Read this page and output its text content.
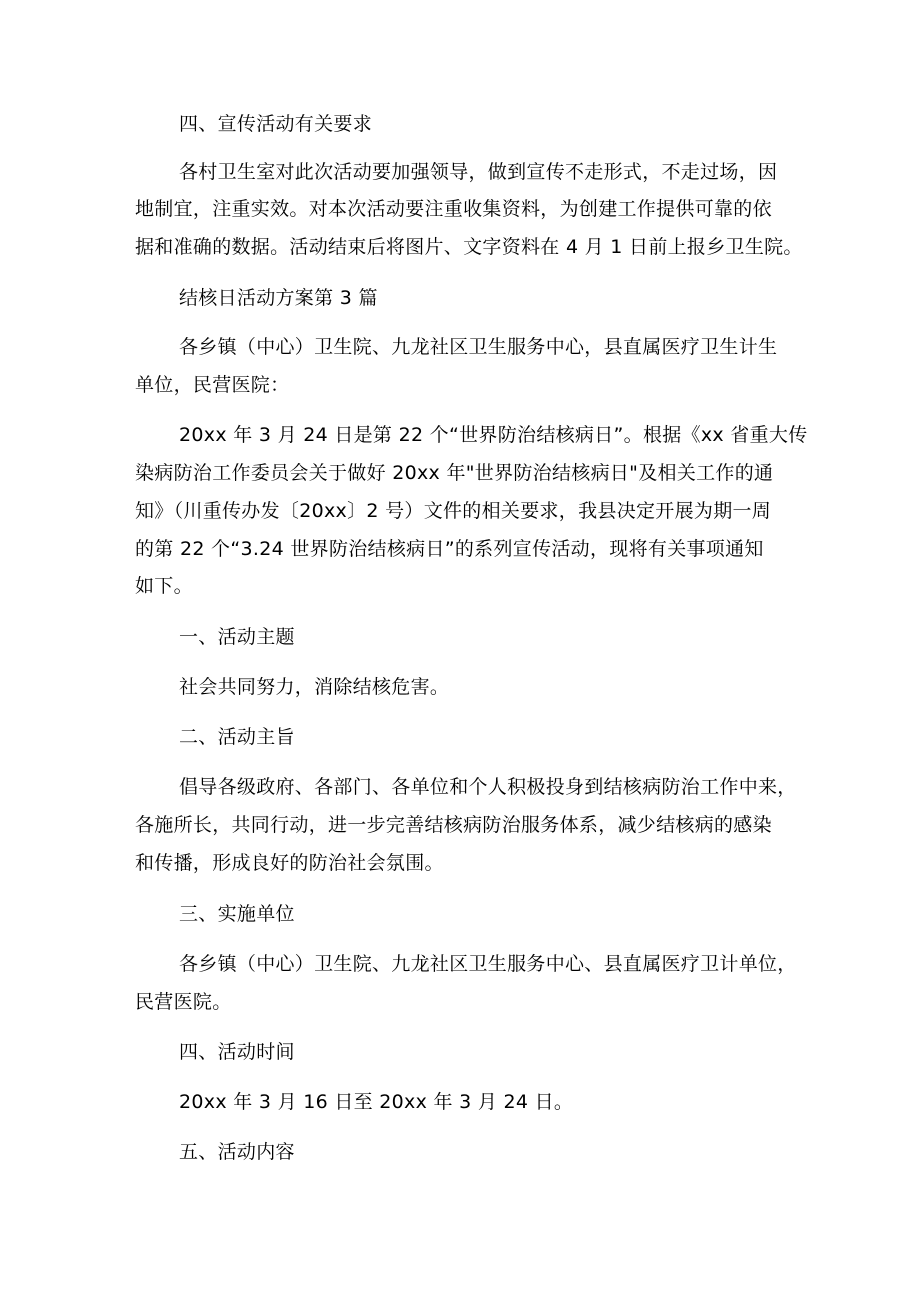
四、宣传活动有关要求
各村卫生室对此次活动要加强领导，做到宣传不走形式，不走过场，因
地制宜，注重实效。对本次活动要注重收集资料，为创建工作提供可靠的依
据和准确的数据。活动结束后将图片、文字资料在 4 月 1 日前上报乡卫生院。
结核日活动方案第 3 篇
各乡镇（中心）卫生院、九龙社区卫生服务中心，县直属医疗卫生计生
单位，民营医院：
20xx 年 3 月 24 日是第 22 个“世界防治结核病日”。根据《xx 省重大传
染病防治工作委员会关于做好 20xx 年"世界防治结核病日"及相关工作的通
知》（川重传办发〔20xx〕2 号）文件的相关要求，我县决定开展为期一周
的第 22 个“3.24 世界防治结核病日”的系列宣传活动，现将有关事项通知
如下。
一、活动主题
社会共同努力，消除结核危害。
二、活动主旨
倡导各级政府、各部门、各单位和个人积极投身到结核病防治工作中来，
各施所长，共同行动，进一步完善结核病防治服务体系，减少结核病的感染
和传播，形成良好的防治社会氛围。
三、实施单位
各乡镇（中心）卫生院、九龙社区卫生服务中心、县直属医疗卫计单位，
民营医院。
四、活动时间
20xx 年 3 月 16 日至 20xx 年 3 月 24 日。
五、活动内容
